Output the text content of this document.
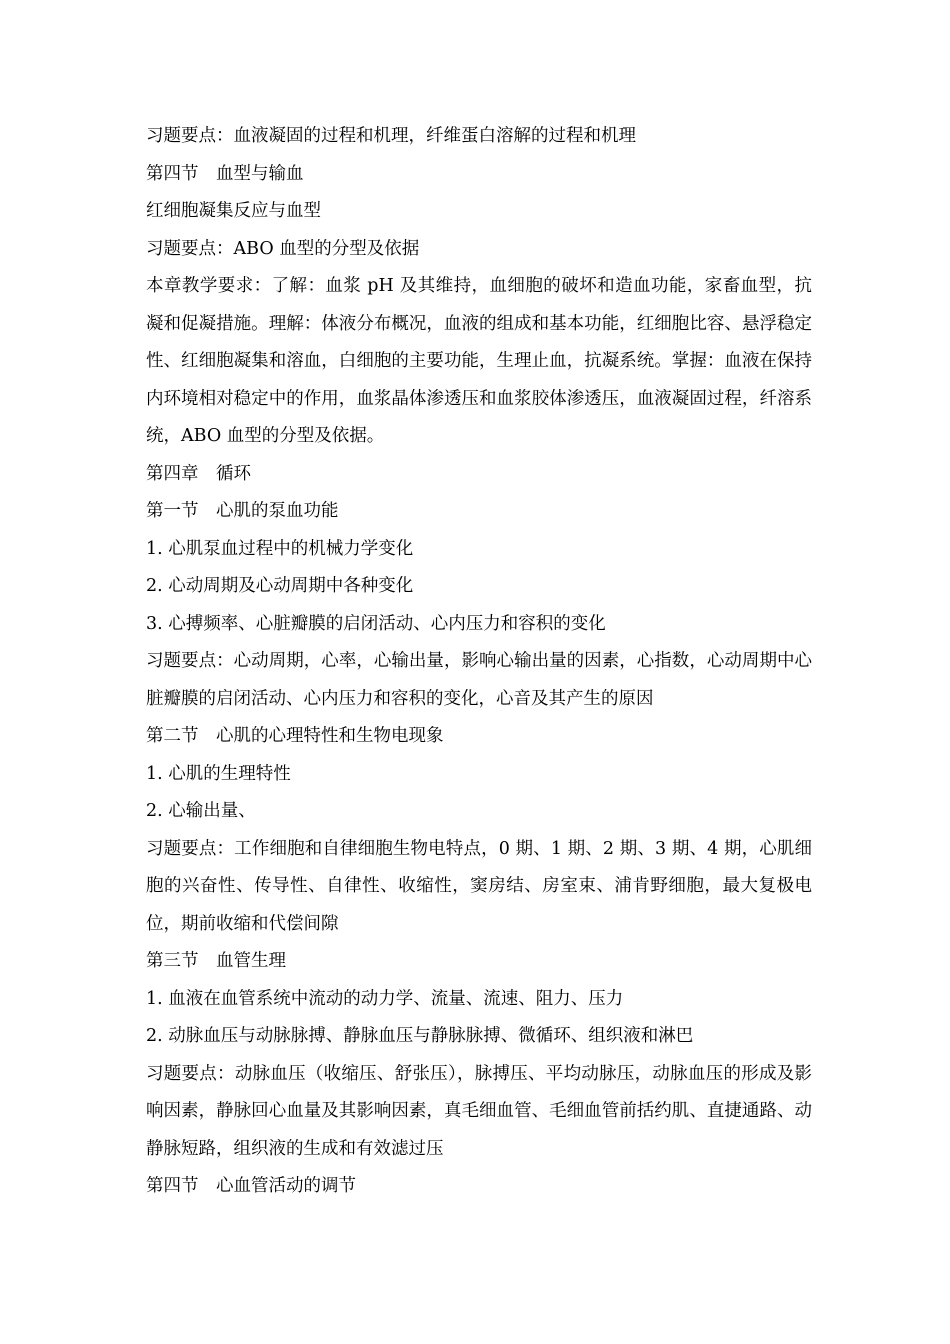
习题要点：血液凝固的过程和机理，纤维蛋白溶解的过程和机理
第四节　血型与输血
红细胞凝集反应与血型
习题要点：ABO 血型的分型及依据
本章教学要求：了解：血浆 pH 及其维持，血细胞的破坏和造血功能，家畜血型，抗凝和促凝措施。理解：体液分布概况，血液的组成和基本功能，红细胞比容、悬浮稳定性、红细胞凝集和溶血，白细胞的主要功能，生理止血，抗凝系统。掌握：血液在保持内环境相对稳定中的作用，血浆晶体渗透压和血浆胶体渗透压，血液凝固过程，纤溶系统，ABO 血型的分型及依据。
第四章　循环
第一节　心肌的泵血功能
1. 心肌泵血过程中的机械力学变化
2. 心动周期及心动周期中各种变化
3. 心搏频率、心脏瓣膜的启闭活动、心内压力和容积的变化
习题要点：心动周期，心率，心输出量，影响心输出量的因素，心指数，心动周期中心脏瓣膜的启闭活动、心内压力和容积的变化，心音及其产生的原因
第二节　心肌的心理特性和生物电现象
1. 心肌的生理特性
2. 心输出量、
习题要点：工作细胞和自律细胞生物电特点，0 期、1 期、2 期、3 期、4 期，心肌细胞的兴奋性、传导性、自律性、收缩性，窦房结、房室束、浦肯野细胞，最大复极电位，期前收缩和代偿间隙
第三节　血管生理
1. 血液在血管系统中流动的动力学、流量、流速、阻力、压力
2. 动脉血压与动脉脉搏、静脉血压与静脉脉搏、微循环、组织液和淋巴
习题要点：动脉血压（收缩压、舒张压），脉搏压、平均动脉压，动脉血压的形成及影响因素，静脉回心血量及其影响因素，真毛细血管、毛细血管前括约肌、直捷通路、动静脉短路，组织液的生成和有效滤过压
第四节　心血管活动的调节
